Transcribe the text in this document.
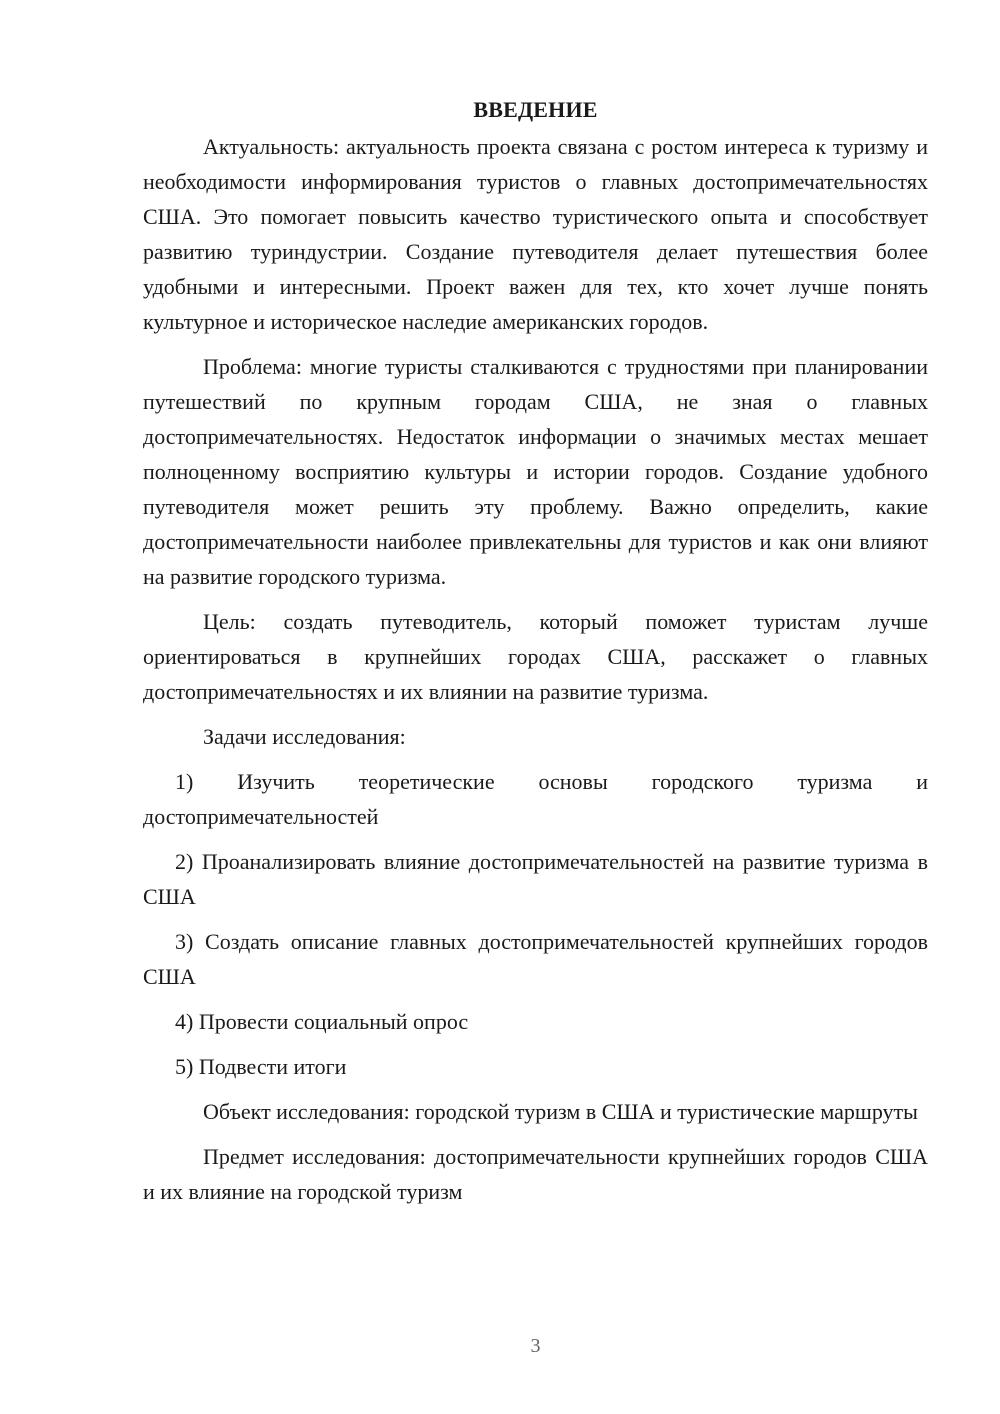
ВВЕДЕНИЕ

Актуальность: актуальность проекта связана с ростом интереса к туризму и необходимости информирования туристов о главных достопримечательностях США. Это помогает повысить качество туристического опыта и способствует развитию туриндустрии. Создание путеводителя делает путешествия более удобными и интересными. Проект важен для тех, кто хочет лучше понять культурное и историческое наследие американских городов.

Проблема: многие туристы сталкиваются с трудностями при планировании путешествий по крупным городам США, не зная о главных достопримечательностях. Недостаток информации о значимых местах мешает полноценному восприятию культуры и истории городов. Создание удобного путеводителя может решить эту проблему. Важно определить, какие достопримечательности наиболее привлекательны для туристов и как они влияют на развитие городского туризма.

Цель: создать путеводитель, который поможет туристам лучше ориентироваться в крупнейших городах США, расскажет о главных достопримечательностях и их влиянии на развитие туризма.

Задачи исследования:

1) Изучить теоретические основы городского туризма и достопримечательностей

2) Проанализировать влияние достопримечательностей на развитие туризма в США

3) Создать описание главных достопримечательностей крупнейших городов США

4) Провести социальный опрос

5) Подвести итоги

Объект исследования: городской туризм в США и туристические маршруты

Предмет исследования: достопримечательности крупнейших городов США и их влияние на городской туризм

3
